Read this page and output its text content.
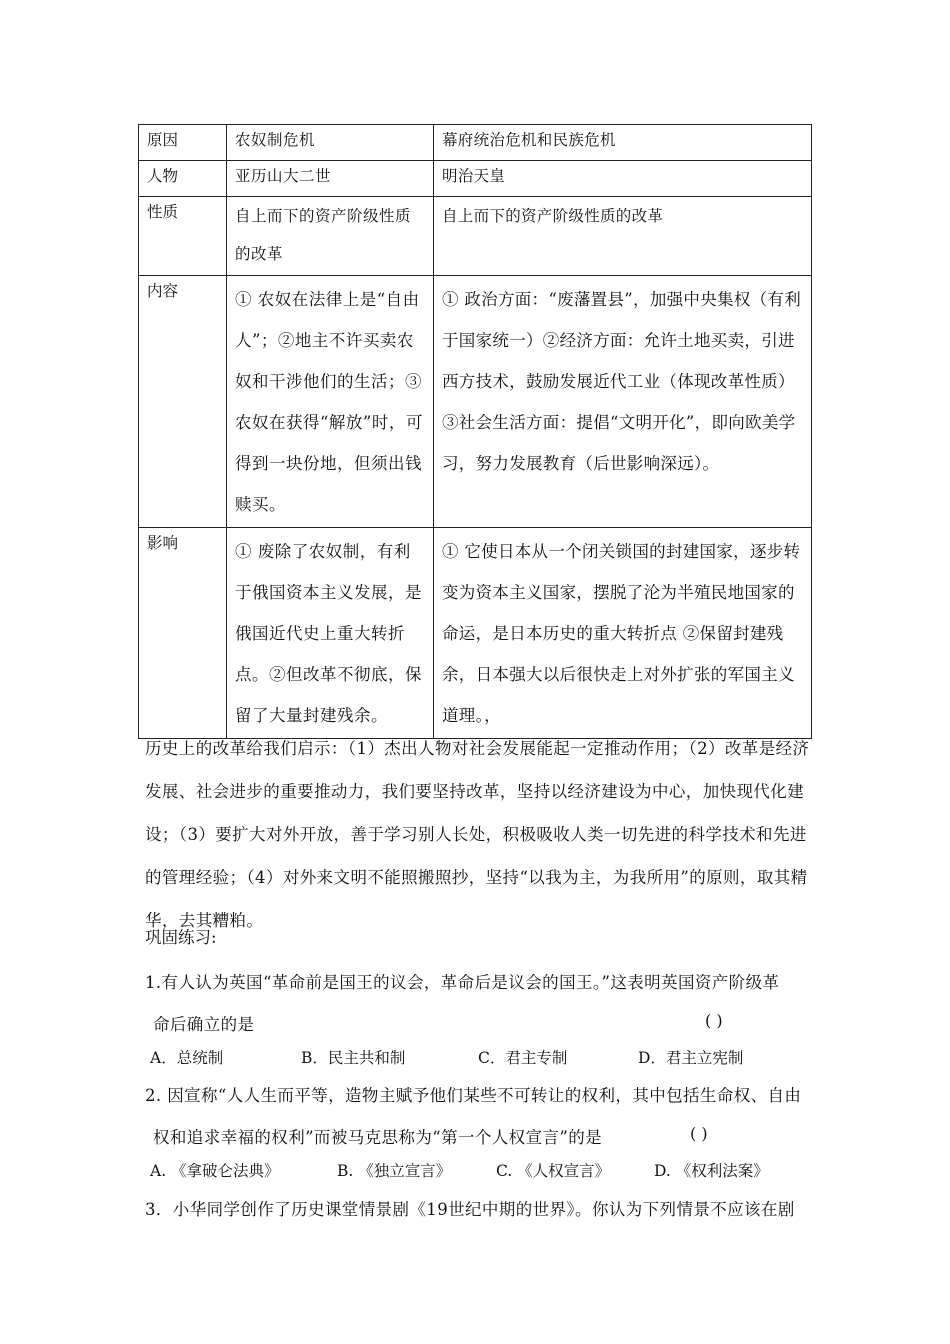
原因	农奴制危机	幕府统治危机和民族危机
人物	亚历山大二世	明治天皇
性质	自上而下的资产阶级性质的改革	自上而下的资产阶级性质的改革
内容	① 农奴在法律上是“自由人”；②地主不许买卖农奴和干涉他们的生活；③农奴在获得“解放”时，可得到一块份地，但须出钱赎买。	① 政治方面：“废藩置县”，加强中央集权（有利于国家统一）②经济方面：允许土地买卖，引进西方技术，鼓励发展近代工业（体现改革性质） ③社会生活方面：提倡“文明开化”，即向欧美学习，努力发展教育（后世影响深远）。
影响	① 废除了农奴制，有利于俄国资本主义发展，是俄国近代史上重大转折点。②但改革不彻底，保留了大量封建残余。	① 它使日本从一个闭关锁国的封建国家，逐步转变为资本主义国家，摆脱了沦为半殖民地国家的命运，是日本历史的重大转折点 ②保留封建残余，日本强大以后很快走上对外扩张的军国主义道理。，
历史上的改革给我们启示：（1）杰出人物对社会发展能起一定推动作用；（2）改革是经济发展、社会进步的重要推动力，我们要坚持改革，坚持以经济建设为中心，加快现代化建设；（3）要扩大对外开放，善于学习别人长处，积极吸收人类一切先进的科学技术和先进的管理经验；（4）对外来文明不能照搬照抄，坚持“以我为主，为我所用”的原则，取其精华，去其糟粕。
巩固练习:
1.有人认为英国“革命前是国王的议会，革命后是议会的国王。”这表明英国资产阶级革
命后确立的是	( )
A．总统制	B．民主共和制	C．君主专制	D．君主立宪制
2. 因宣称“人人生而平等，造物主赋予他们某些不可转让的权利，其中包括生命权、自由
权和追求幸福的权利”而被马克思称为“第一个人权宣言”的是	( )
A. 《拿破仑法典》	B. 《独立宣言》	C. 《人权宣言》	D. 《权利法案》
3．小华同学创作了历史课堂情景剧《19世纪中期的世界》。你认为下列情景不应该在剧
